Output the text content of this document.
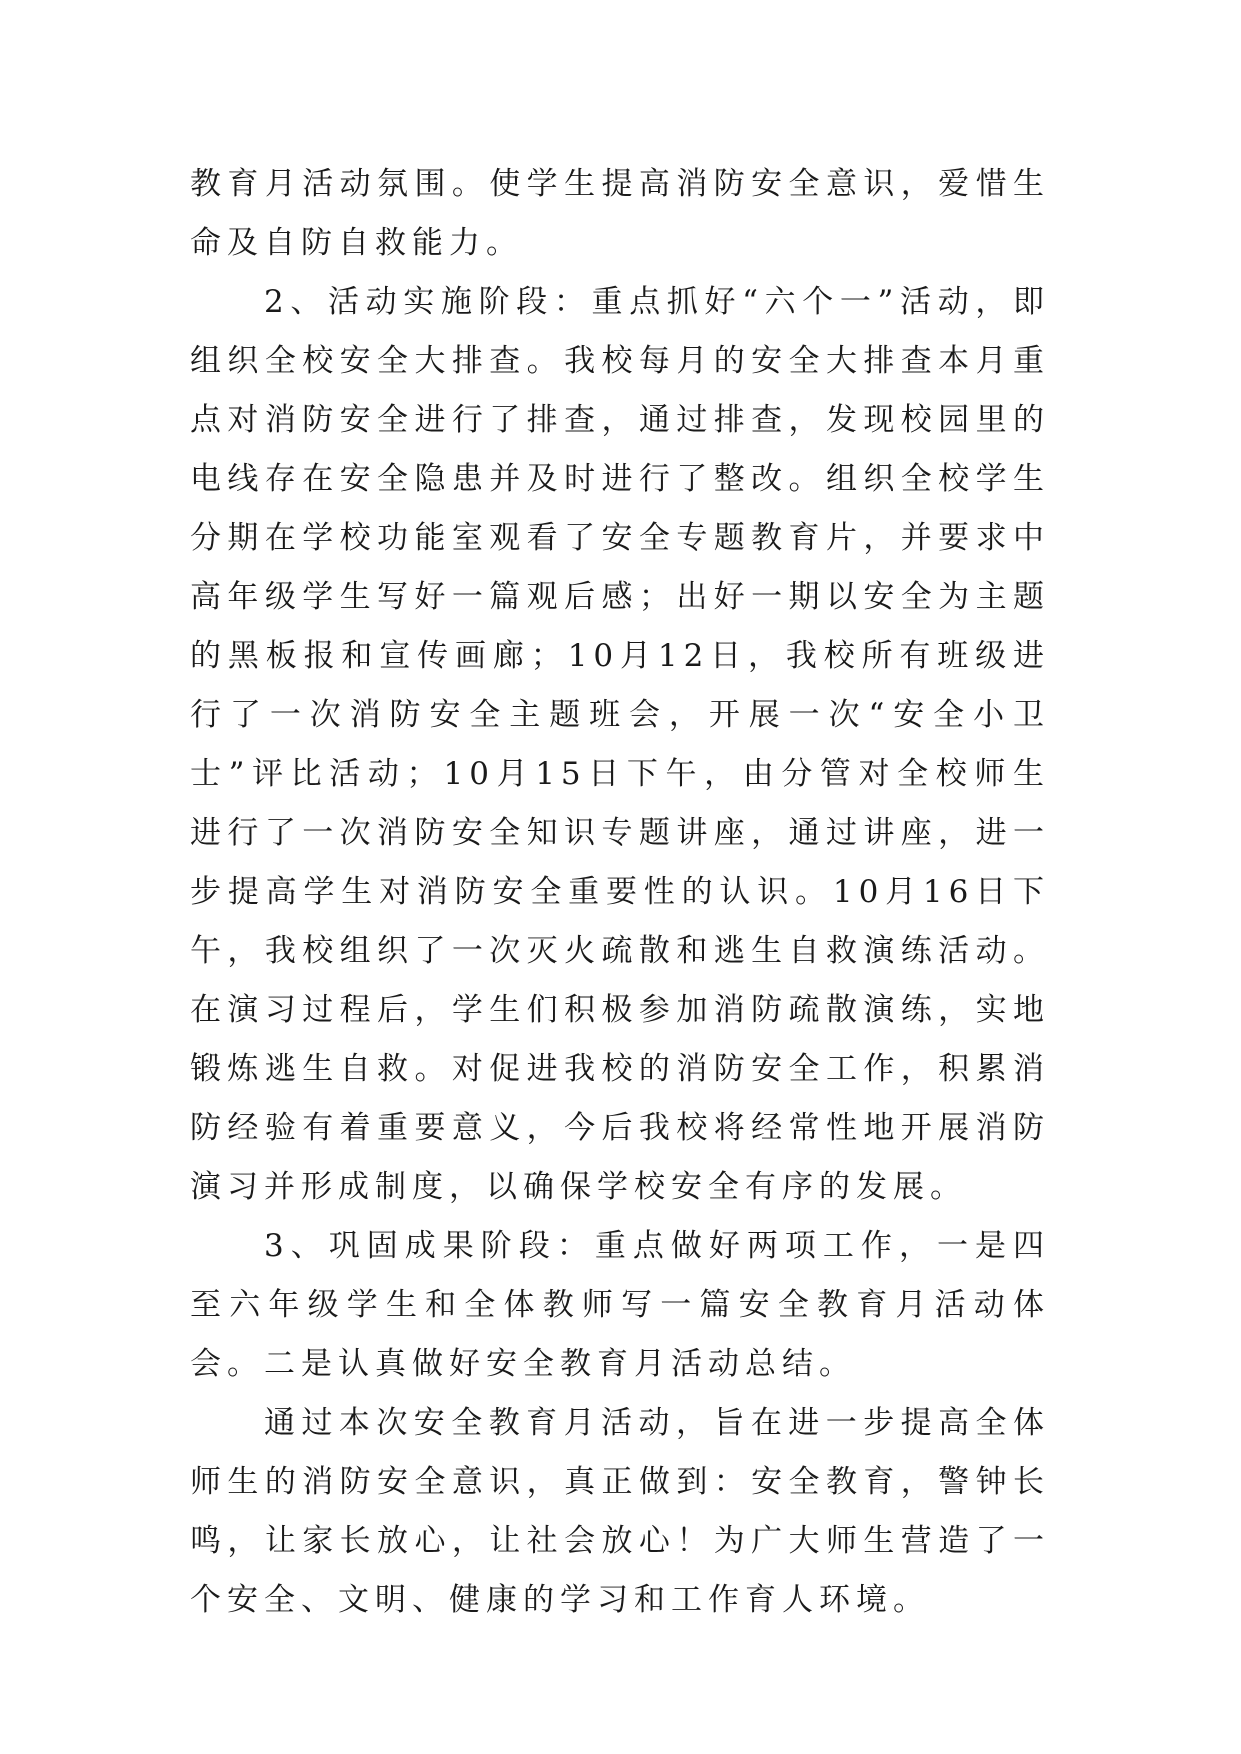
教育月活动氛围。使学生提高消防安全意识，爱惜生命及自防自救能力。

2、活动实施阶段：重点抓好“六个一”活动，即组织全校安全大排查。我校每月的安全大排查本月重点对消防安全进行了排查，通过排查，发现校园里的电线存在安全隐患并及时进行了整改。组织全校学生分期在学校功能室观看了安全专题教育片，并要求中高年级学生写好一篇观后感；出好一期以安全为主题的黑板报和宣传画廊；10月12日，我校所有班级进行了一次消防安全主题班会，开展一次“安全小卫士”评比活动；10月15日下午，由分管对全校师生进行了一次消防安全知识专题讲座，通过讲座，进一步提高学生对消防安全重要性的认识。10月16日下午，我校组织了一次灭火疏散和逃生自救演练活动。在演习过程后，学生们积极参加消防疏散演练，实地锻炼逃生自救。对促进我校的消防安全工作，积累消防经验有着重要意义，今后我校将经常性地开展消防演习并形成制度，以确保学校安全有序的发展。

3、巩固成果阶段：重点做好两项工作，一是四至六年级学生和全体教师写一篇安全教育月活动体会。二是认真做好安全教育月活动总结。

通过本次安全教育月活动，旨在进一步提高全体师生的消防安全意识，真正做到：安全教育，警钟长鸣，让家长放心，让社会放心！为广大师生营造了一个安全、文明、健康的学习和工作育人环境。
